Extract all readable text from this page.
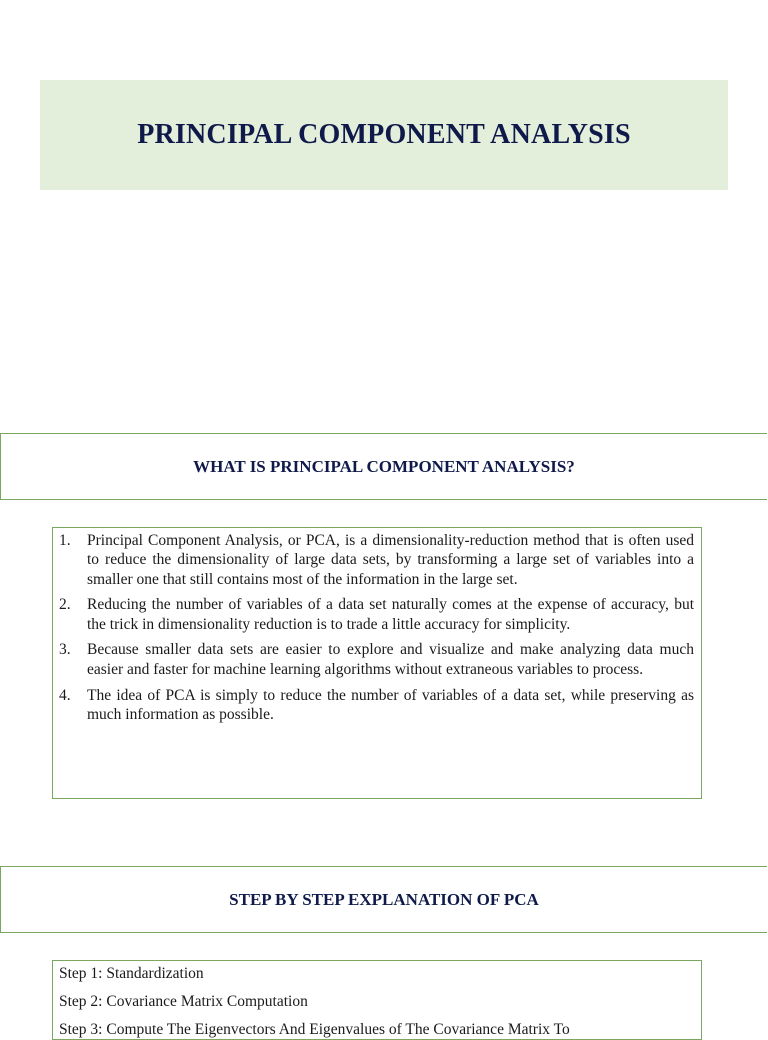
PRINCIPAL COMPONENT ANALYSIS
WHAT IS PRINCIPAL COMPONENT ANALYSIS?
1.	Principal Component Analysis, or PCA, is a dimensionality-reduction method that is often used to reduce the dimensionality of large data sets, by transforming a large set of variables into a smaller one that still contains most of the information in the large set.
2.	Reducing the number of variables of a data set naturally comes at the expense of accuracy, but the trick in dimensionality reduction is to trade a little accuracy for simplicity.
3.	Because smaller data sets are easier to explore and visualize and make analyzing data much easier and faster for machine learning algorithms without extraneous variables to process.
4.	The idea of PCA is simply to reduce the number of variables of a data set, while preserving as much information as possible.
STEP BY STEP EXPLANATION OF PCA
Step 1: Standardization
Step 2: Covariance Matrix Computation
Step 3: Compute The Eigenvectors And Eigenvalues of The Covariance Matrix To
